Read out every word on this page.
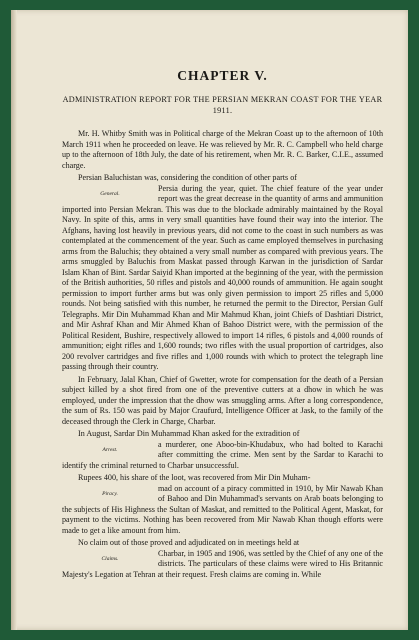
CHAPTER V.
ADMINISTRATION REPORT FOR THE PERSIAN MEKRAN COAST FOR THE YEAR 1911.

Mr. H. Whitby Smith was in Political charge of the Mekran Coast up to the afternoon of 10th March 1911 when he proceeded on leave. He was relieved by Mr. R. C. Campbell who held charge up to the afternoon of 18th July, the date of his retirement, when Mr. R. C. Barker, C.I.E., assumed charge.

Persian Baluchistan was, considering the condition of other parts of

General.
Persia during the year, quiet. The chief feature of the year under report was the great decrease in the quantity of arms and ammunition imported into Persian Mekran. This was due to the blockade admirably maintained by the Royal Navy. In spite of this, arms in very small quantities have found their way into the interior. The Afghans, having lost heavily in previous years, did not come to the coast in such numbers as was contemplated at the commencement of the year. Such as came employed themselves in purchasing arms from the Baluchis; they obtained a very small number as compared with previous years. The arms smuggled by Baluchis from Maskat passed through Karwan in the jurisdiction of Sardar Islam Khan of Bint. Sardar Saiyid Khan imported at the beginning of the year, with the permission of the British authorities, 50 rifles and pistols and 40,000 rounds of ammunition. He again sought permission to import further arms but was only given permission to import 25 rifles and 5,000 rounds. Not being satisfied with this number, he returned the permit to the Director, Persian Gulf Telegraphs. Mir Din Muhammad Khan and Mir Mahmud Khan, joint Chiefs of Dashtiari District, and Mir Ashraf Khan and Mir Ahmed Khan of Bahoo District were, with the permission of the Political Resident, Bushire, respectively allowed to import 14 rifles, 6 pistols and 4,000 rounds of ammunition; eight rifles and 1,600 rounds; two rifles with the usual proportion of cartridges, also 200 revolver cartridges and five rifles and 1,000 rounds with which to protect the telegraph line passing through their country.

In February, Jalal Khan, Chief of Gwetter, wrote for compensation for the death of a Persian subject killed by a shot fired from one of the preventive cutters at a dhow in which he was employed, under the impression that the dhow was smuggling arms. After a long correspondence, the sum of Rs. 150 was paid by Major Craufurd, Intelligence Officer at Jask, to the family of the deceased through the Clerk in Charge, Charbar.

In August, Sardar Din Muhammad Khan asked for the extradition of

Arrest.
a murderer, one Aboo-bin-Khudabux, who had bolted to Karachi after committing the crime. Men sent by the Sardar to Karachi to identify the criminal returned to Charbar unsuccessful.

Rupees 400, his share of the loot, was recovered from Mir Din Muham-

Piracy.
mad on account of a piracy committed in 1910, by Mir Nawab Khan of Bahoo and Din Muhammad's servants on Arab boats belonging to the subjects of His Highness the Sultan of Maskat, and remitted to the Political Agent, Maskat, for payment to the victims. Nothing has been recovered from Mir Nawab Khan though efforts were made to get a like amount from him.

No claim out of those proved and adjudicated on in meetings held at

Claims.
Charbar, in 1905 and 1906, was settled by the Chief of any one of the districts. The particulars of these claims were wired to His Britannic Majesty's Legation at Tehran at their request. Fresh claims are coming in. While
